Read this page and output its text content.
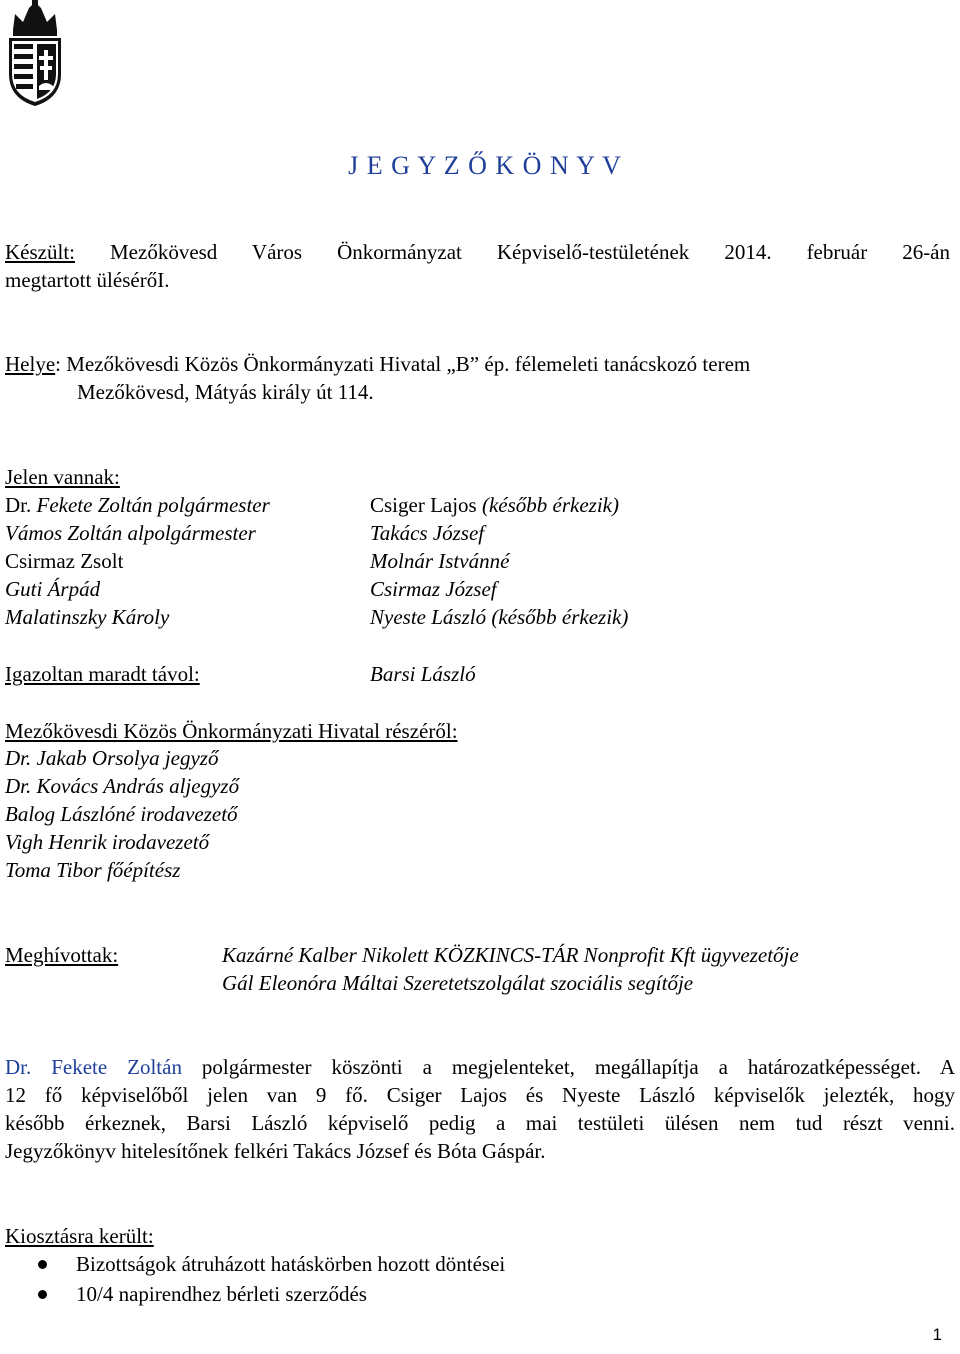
J E G Y Z Ő K Ö N Y V
Készült: Mezőkövesd Város Önkormányzat Képviselő-testületének 2014. február 26-án
megtartott ülésérőI.
Helye: Mezőkövesdi Közös Önkormányzati Hivatal „B” ép. félemeleti tanácskozó terem
Mezőkövesd, Mátyás király út 114.
Jelen vannak:
Dr. Fekete Zoltán polgármester
Vámos Zoltán alpolgármester
Csirmaz Zsolt
Guti Árpád
Malatinszky Károly
Csiger Lajos (később érkezik)
Takács József
Molnár Istvánné
Csirmaz József
Nyeste László (később érkezik)
Igazoltan maradt távol:	Barsi László
Mezőkövesdi Közös Önkormányzati Hivatal részéről:
Dr. Jakab Orsolya jegyző
Dr. Kovács András aljegyző
Balog Lászlóné irodavezető
Vigh Henrik irodavezető
Toma Tibor főépítész
Meghívottak:	Kazárné Kalber Nikolett KÖZKINCS-TÁR Nonprofit Kft ügyvezetője
Gál Eleonóra Máltai Szeretetszolgálat szociális segítője
Dr. Fekete Zoltán polgármester köszönti a megjelenteket, megállapítja a határozatképességet. A
12 fő képviselőből jelen van 9 fő. Csiger Lajos és Nyeste László képviselők jelezték, hogy
később érkeznek, Barsi László képviselő pedig a mai testületi ülésen nem tud részt venni.
Jegyzőkönyv hitelesítőnek felkéri Takács József és Bóta Gáspár.
Kiosztásra került:
Bizottságok átruházott hatáskörben hozott döntései
10/4 napirendhez bérleti szerződés
1
